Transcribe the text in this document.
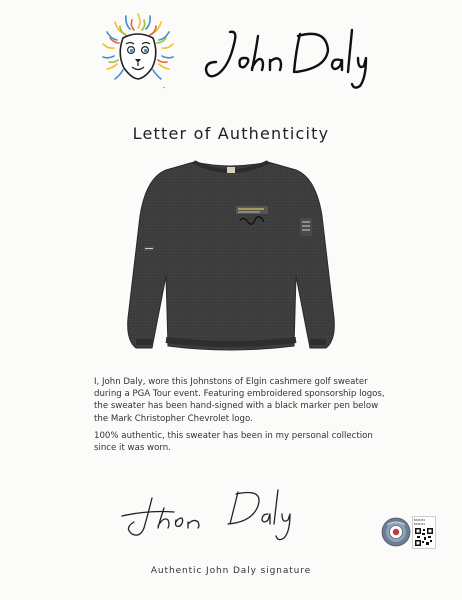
™
Letter of Authenticity

I, John Daly, wore this Johnstons of Elgin cashmere golf sweater during a PGA Tour event. Featuring embroidered sponsorship logos, the sweater has been hand-signed with a black marker pen below the Mark Christopher Chevrolet logo.

100% authentic, this sweater has been in my personal collection since it was worn.

BJ04354
BJ04354
Authentic John Daly signature
